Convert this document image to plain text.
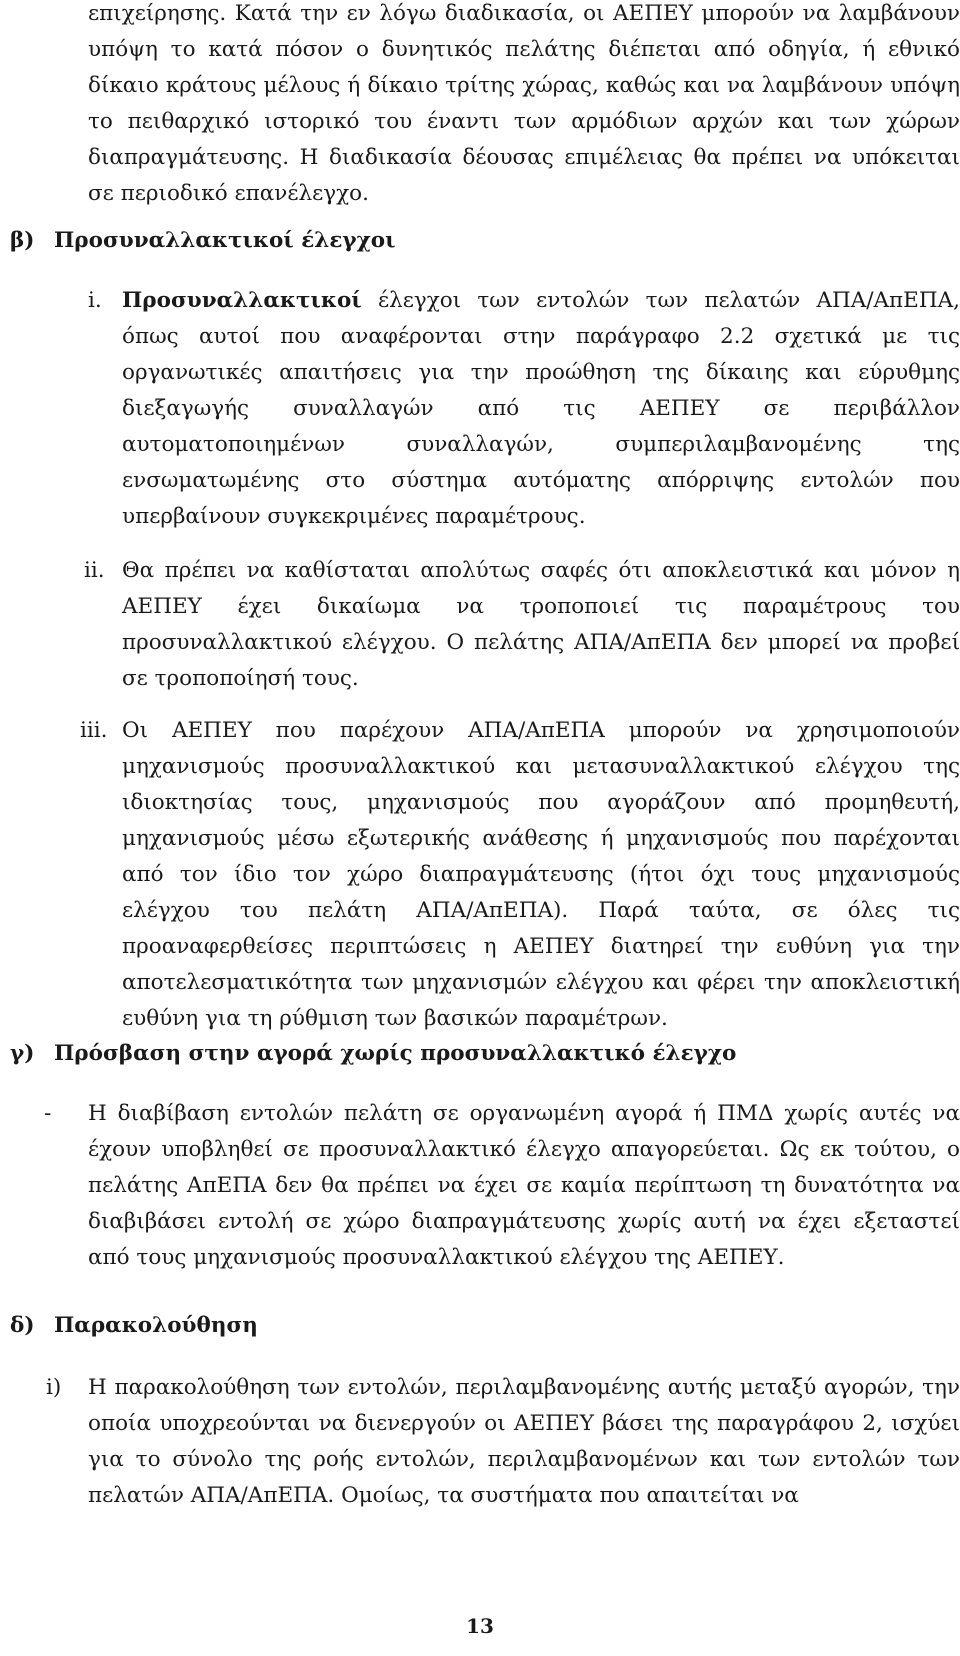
επιχείρησης. Κατά την εν λόγω διαδικασία, οι ΑΕΠΕΥ μπορούν να λαμβάνουν υπόψη το κατά πόσον ο δυνητικός πελάτης διέπεται από οδηγία, ή εθνικό δίκαιο κράτους μέλους ή δίκαιο τρίτης χώρας, καθώς και να λαμβάνουν υπόψη το πειθαρχικό ιστορικό του έναντι των αρμόδιων αρχών και των χώρων διαπραγμάτευσης. Η διαδικασία δέουσας επιμέλειας θα πρέπει να υπόκειται σε περιοδικό επανέλεγχο.

β) Προσυναλλακτικοί έλεγχοι
i. Προσυναλλακτικοί έλεγχοι των εντολών των πελατών ΑΠΑ/ΑπΕΠΑ, όπως αυτοί που αναφέρονται στην παράγραφο 2.2 σχετικά με τις οργανωτικές απαιτήσεις για την προώθηση της δίκαιης και εύρυθμης διεξαγωγής συναλλαγών από τις ΑΕΠΕΥ σε περιβάλλον αυτοματοποιημένων συναλλαγών, συμπεριλαμβανομένης της ενσωματωμένης στο σύστημα αυτόματης απόρριψης εντολών που υπερβαίνουν συγκεκριμένες παραμέτρους.

ii. Θα πρέπει να καθίσταται απολύτως σαφές ότι αποκλειστικά και μόνον η ΑΕΠΕΥ έχει δικαίωμα να τροποποιεί τις παραμέτρους του προσυναλλακτικού ελέγχου. Ο πελάτης ΑΠΑ/ΑπΕΠΑ δεν μπορεί να προβεί σε τροποποίησή τους.

iii. Οι ΑΕΠΕΥ που παρέχουν ΑΠΑ/ΑπΕΠΑ μπορούν να χρησιμοποιούν μηχανισμούς προσυναλλακτικού και μετασυναλλακτικού ελέγχου της ιδιοκτησίας τους, μηχανισμούς που αγοράζουν από προμηθευτή, μηχανισμούς μέσω εξωτερικής ανάθεσης ή μηχανισμούς που παρέχονται από τον ίδιο τον χώρο διαπραγμάτευσης (ήτοι όχι τους μηχανισμούς ελέγχου του πελάτη ΑΠΑ/ΑπΕΠΑ). Παρά ταύτα, σε όλες τις προαναφερθείσες περιπτώσεις η ΑΕΠΕΥ διατηρεί την ευθύνη για την αποτελεσματικότητα των μηχανισμών ελέγχου και φέρει την αποκλειστική ευθύνη για τη ρύθμιση των βασικών παραμέτρων.

γ) Πρόσβαση στην αγορά χωρίς προσυναλλακτικό έλεγχο
- Η διαβίβαση εντολών πελάτη σε οργανωμένη αγορά ή ΠΜΔ χωρίς αυτές να έχουν υποβληθεί σε προσυναλλακτικό έλεγχο απαγορεύεται. Ως εκ τούτου, ο πελάτης ΑπΕΠΑ δεν θα πρέπει να έχει σε καμία περίπτωση τη δυνατότητα να διαβιβάσει εντολή σε χώρο διαπραγμάτευσης χωρίς αυτή να έχει εξεταστεί από τους μηχανισμούς προσυναλλακτικού ελέγχου της ΑΕΠΕΥ.

δ) Παρακολούθηση
i) Η παρακολούθηση των εντολών, περιλαμβανομένης αυτής μεταξύ αγορών, την οποία υποχρεούνται να διενεργούν οι ΑΕΠΕΥ βάσει της παραγράφου 2, ισχύει για το σύνολο της ροής εντολών, περιλαμβανομένων και των εντολών των πελατών ΑΠΑ/ΑπΕΠΑ. Ομοίως, τα συστήματα που απαιτείται να

13
